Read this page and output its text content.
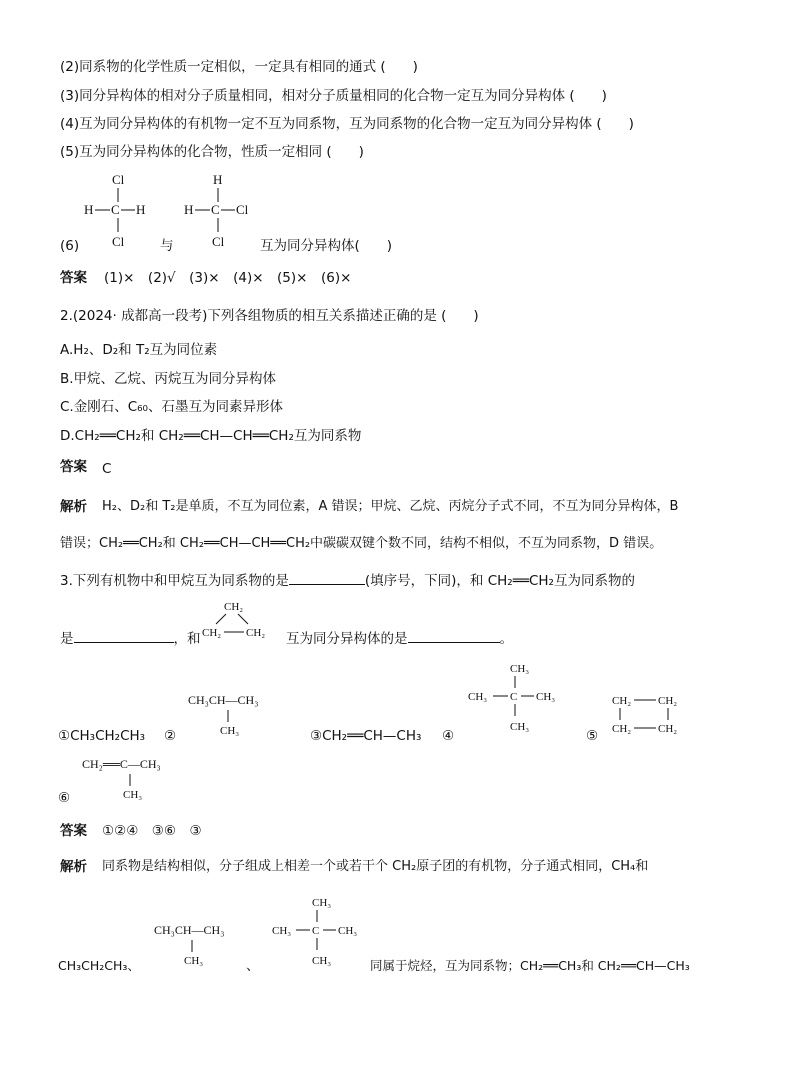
(2)同系物的化学性质一定相似，一定具有相同的通式 (　　)
(3)同分异构体的相对分子质量相同，相对分子质量相同的化合物一定互为同分异构体 (　　)
(4)互为同分异构体的有机物一定不互为同系物，互为同系物的化合物一定互为同分异构体 (　　)
(5)互为同分异构体的化合物，性质一定相同 (　　)
Cl
H C H
Cl
H
H C Cl
Cl
(6)	与	互为同分异构体(　　)
答案 (1)×　(2)√　(3)×　(4)×　(5)×　(6)×
2.(2024· 成都高一段考)下列各组物质的相互关系描述正确的是 (　　)
A.H₂、D₂和 T₂互为同位素
B.甲烷、乙烷、丙烷互为同分异构体
C.金刚石、C₆₀、石墨互为同素异形体
D.CH₂══CH₂和 CH₂══CH—CH══CH₂互为同系物
答案 C
解析 H₂、D₂和 T₂是单质，不互为同位素，A 错误；甲烷、乙烷、丙烷分子式不同，不互为同分异构体，B
错误；CH₂══CH₂和 CH₂══CH—CH══CH₂中碳碳双键个数不同，结构不相似，不互为同系物，D 错误。
3.下列有机物中和甲烷互为同系物的是	(填序号，下同)，和 CH₂══CH₂互为同系物的
是	，和
CH₂
CH₂ CH₂ 互为同分异构体的是	。
①CH₃CH₂CH₃ ②
CH₃CH—CH₃
CH₃	③CH₂══CH—CH₃ ④
CH₃
CH₃ C CH₃
CH₃
⑤
CH₂ CH₂
CH₂ CH₂
CH₂══C—CH₃
CH₃
⑥
答案 ①②④　③⑥　③
解析 同系物是结构相似，分子组成上相差一个或若干个 CH₂原子团的有机物，分子通式相同，CH₄和
CH₃CH₂CH₃、
CH₃CH—CH₃
CH₃	、
CH₃
CH₃ C CH₃
CH₃	同属于烷烃，互为同系物；CH₂══CH₃和 CH₂══CH—CH₃
